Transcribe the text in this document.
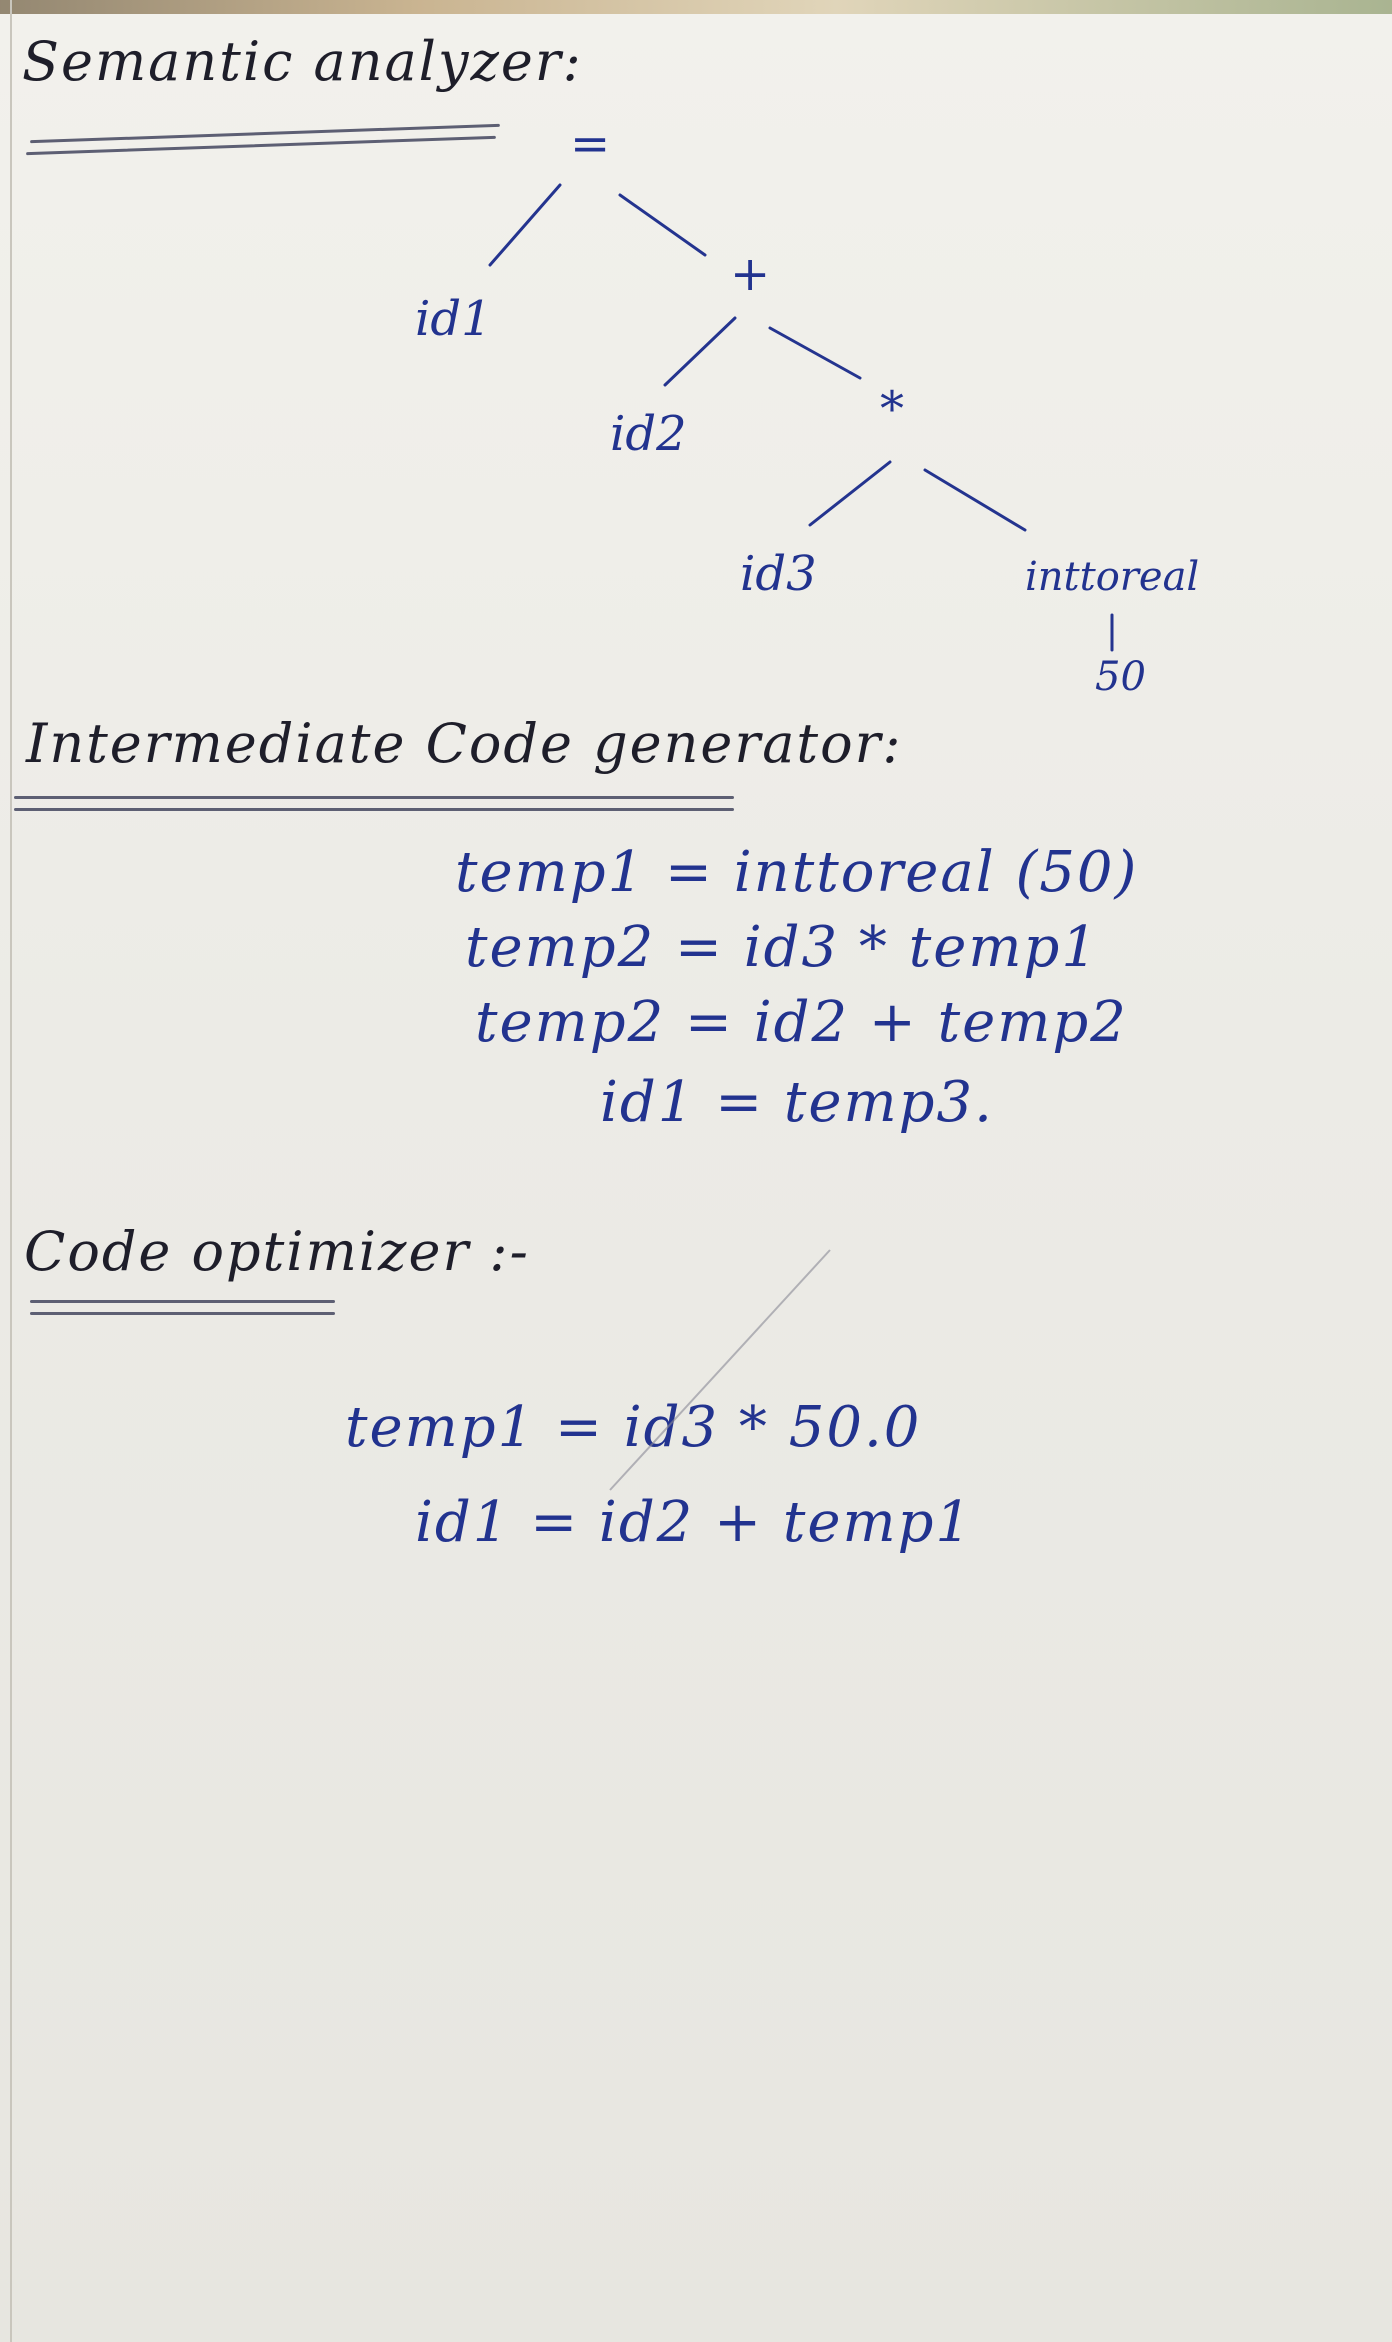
Semantic analyzer:
=
id1
+
id2	*
id3	inttoreal
50
Intermediate Code generator:
temp1 = inttoreal (50)
temp2 = id3 * temp1
temp2 = id2 + temp2
id1 = temp3.
Code optimizer :-
temp1 = id3 * 50.0
id1 = id2 + temp1
